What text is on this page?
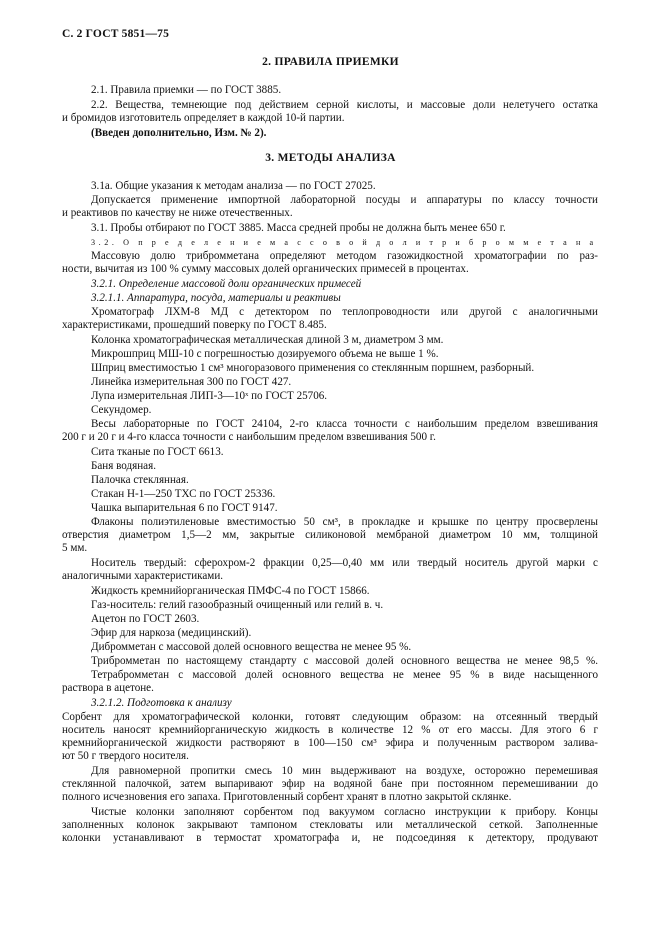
С. 2 ГОСТ 5851—75
2. ПРАВИЛА ПРИЕМКИ
3. МЕТОДЫ АНАЛИЗА
2.1. Правила приемки — по ГОСТ 3885.
2.2. Вещества, темнеющие под действием серной кислоты, и массовые доли нелетучего остатка
и бромидов изготовитель определяет в каждой 10-й партии.
(Введен дополнительно, Изм. № 2).
3.1а. Общие указания к методам анализа — по ГОСТ 27025.
Допускается применение импортной лабораторной посуды и аппаратуры по классу точности
и реактивов по качеству не ниже отечественных.
3.1. Пробы отбирают по ГОСТ 3885. Масса средней пробы не должна быть менее 650 г.
3.2. О п р е д е л е н и е м а с с о в о й д о л и т р и б р о м м е т а н а
Массовую долю трибромметана определяют методом газожидкостной хроматографии по раз-
ности, вычитая из 100 % сумму массовых долей органических примесей в процентах.
3.2.1. Определение массовой доли органических примесей
3.2.1.1. Аппаратура, посуда, материалы и реактивы
Хроматограф ЛХМ-8 МД с детектором по теплопроводности или другой с аналогичными
характеристиками, прошедший поверку по ГОСТ 8.485.
Колонка хроматографическая металлическая длиной 3 м, диаметром 3 мм.
Микрошприц МШ-10 с погрешностью дозируемого объема не выше 1 %.
Шприц вместимостью 1 см³ многоразового применения со стеклянным поршнем, разборный.
Линейка измерительная 300 по ГОСТ 427.
Лупа измерительная ЛИП-3—10ˣ по ГОСТ 25706.
Секундомер.
Весы лабораторные по ГОСТ 24104, 2-го класса точности с наибольшим пределом взвешивания
200 г и 20 г и 4-го класса точности с наибольшим пределом взвешивания 500 г.
Сита тканые по ГОСТ 6613.
Баня водяная.
Палочка стеклянная.
Стакан Н-1—250 ТХС по ГОСТ 25336.
Чашка выпарительная 6 по ГОСТ 9147.
Флаконы полиэтиленовые вместимостью 50 см³, в прокладке и крышке по центру просверлены
отверстия диаметром 1,5—2 мм, закрытые силиконовой мембраной диаметром 10 мм, толщиной
5 мм.
Носитель твердый: сферохром-2 фракции 0,25—0,40 мм или твердый носитель другой марки с
аналогичными характеристиками.
Жидкость кремнийорганическая ПМФС-4 по ГОСТ 15866.
Газ-носитель: гелий газообразный очищенный или гелий в. ч.
Ацетон по ГОСТ 2603.
Эфир для наркоза (медицинский).
Дибромметан с массовой долей основного вещества не менее 95 %.
Трибромметан по настоящему стандарту с массовой долей основного вещества не менее 98,5 %.
Тетрабромметан с массовой долей основного вещества не менее 95 % в виде насыщенного
раствора в ацетоне.
3.2.1.2. Подготовка к анализу
Сорбент для хроматографической колонки, готовят следующим образом: на отсеянный твердый
носитель наносят кремнийорганическую жидкость в количестве 12 % от его массы. Для этого 6 г
кремнийорганической жидкости растворяют в 100—150 см³ эфира и полученным раствором залива-
ют 50 г твердого носителя.
Для равномерной пропитки смесь 10 мин выдерживают на воздухе, осторожно перемешивая
стеклянной палочкой, затем выпаривают эфир на водяной бане при постоянном перемешивании до
полного исчезновения его запаха. Приготовленный сорбент хранят в плотно закрытой склянке.
Чистые колонки заполняют сорбентом под вакуумом согласно инструкции к прибору. Концы
заполненных колонок закрывают тампоном стекловаты или металлической сеткой. Заполненные
колонки устанавливают в термостат хроматографа и, не подсоединяя к детектору, продувают
